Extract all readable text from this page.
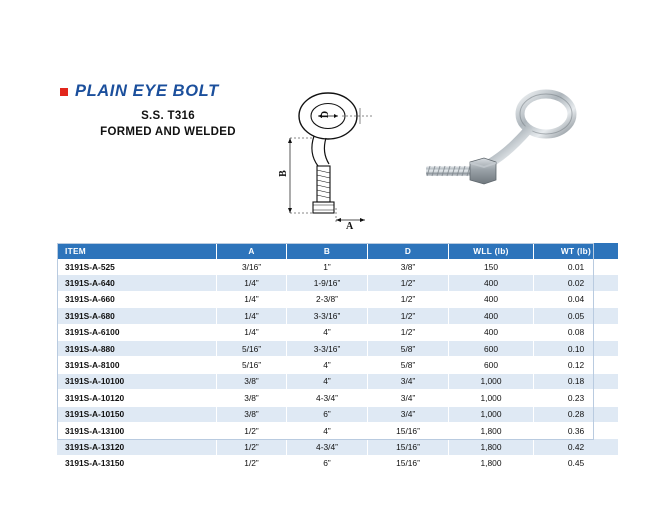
PLAIN EYE BOLT
S.S. T316
FORMED AND WELDED
D
B
A
ITEM	A	B	D	WLL (lb)	WT (lb)
3191S-A-525	3/16”	1”	3/8”	150	0.01
3191S-A-640	1/4”	1-9/16”	1/2”	400	0.02
3191S-A-660	1/4”	2-3/8”	1/2”	400	0.04
3191S-A-680	1/4”	3-3/16”	1/2”	400	0.05
3191S-A-6100	1/4”	4”	1/2”	400	0.08
3191S-A-880	5/16”	3-3/16”	5/8”	600	0.10
3191S-A-8100	5/16”	4”	5/8”	600	0.12
3191S-A-10100	3/8”	4”	3/4”	1,000	0.18
3191S-A-10120	3/8”	4-3/4”	3/4”	1,000	0.23
3191S-A-10150	3/8”	6”	3/4”	1,000	0.28
3191S-A-13100	1/2”	4”	15/16”	1,800	0.36
3191S-A-13120	1/2”	4-3/4”	15/16”	1,800	0.42
3191S-A-13150	1/2”	6”	15/16”	1,800	0.45
